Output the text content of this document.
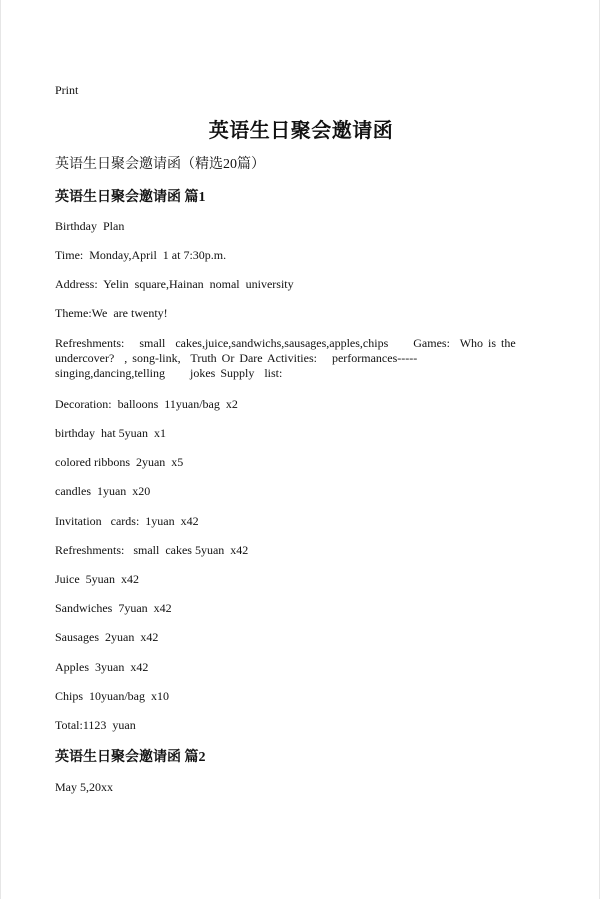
Print
英语生日聚会邀请函

英语生日聚会邀请函（精选20篇）

英语生日聚会邀请函 篇1

Birthday  Plan

Time:  Monday,April  1 at 7:30p.m.

Address:  Yelin  square,Hainan  nomal  university

Theme:We  are twenty!

Refreshments:   small  cakes,juice,sandwichs,sausages,apples,chips     Games:  Who is the
undercover?  , song-link,  Truth Or Dare Activities:   performances-----
singing,dancing,telling     jokes Supply  list:

Decoration:  balloons  11yuan/bag  x2

birthday  hat 5yuan  x1

colored ribbons  2yuan  x5

candles  1yuan  x20

Invitation   cards:  1yuan  x42

Refreshments:   small  cakes 5yuan  x42

Juice  5yuan  x42

Sandwiches  7yuan  x42

Sausages  2yuan  x42

Apples  3yuan  x42

Chips  10yuan/bag  x10

Total:1123  yuan

英语生日聚会邀请函 篇2

May 5,20xx
